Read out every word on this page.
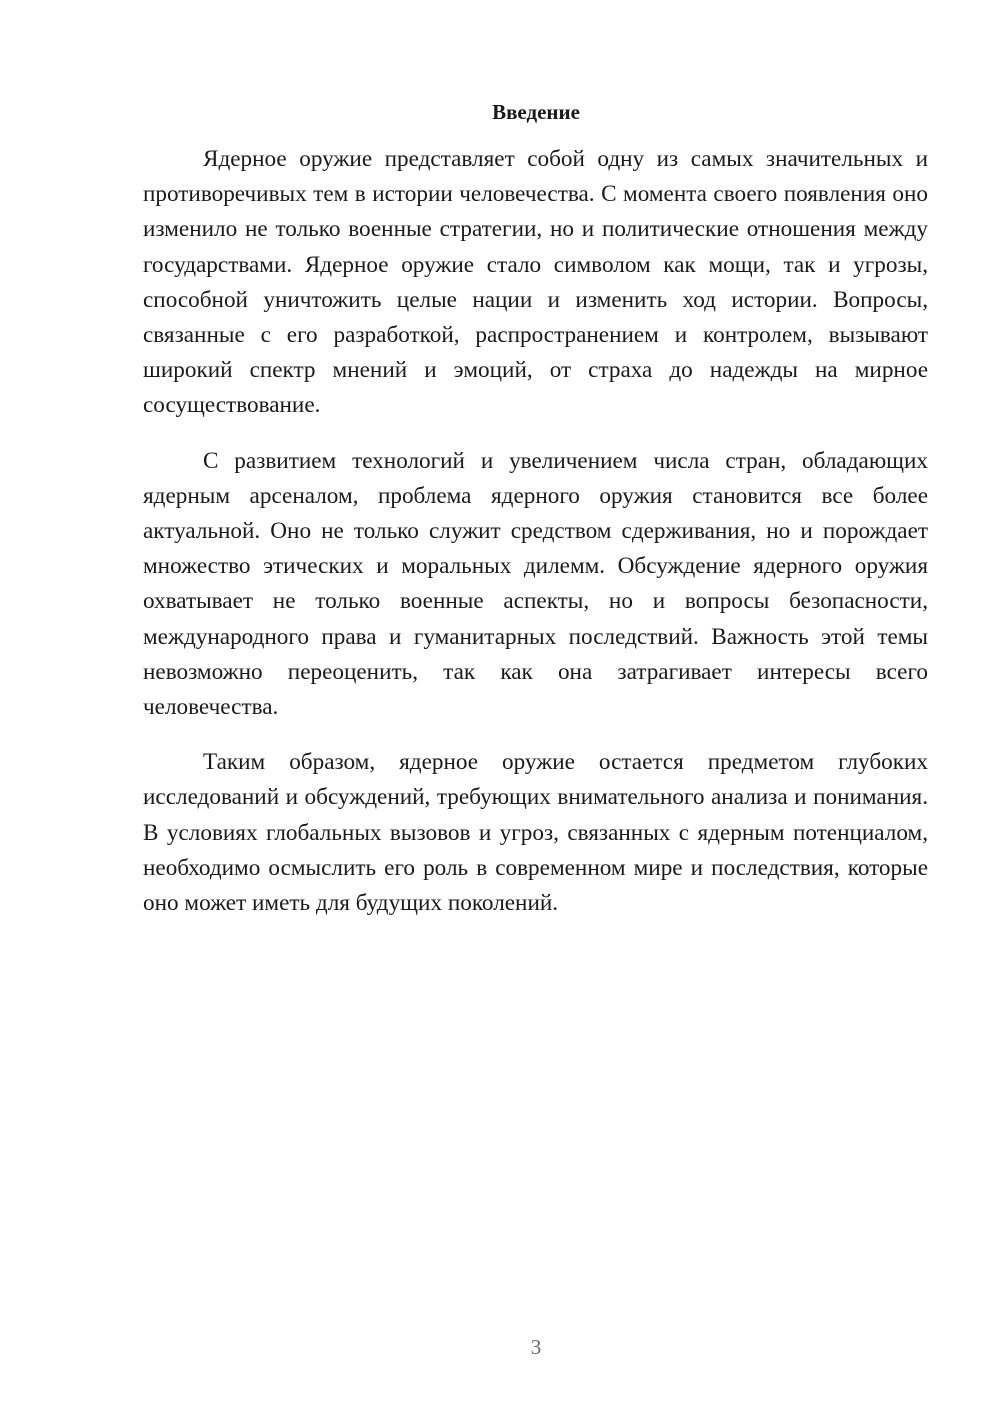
Введение

Ядерное оружие представляет собой одну из самых значительных и противоречивых тем в истории человечества. С момента своего появления оно изменило не только военные стратегии, но и политические отношения между государствами. Ядерное оружие стало символом как мощи, так и угрозы, способной уничтожить целые нации и изменить ход истории. Вопросы, связанные с его разработкой, распространением и контролем, вызывают широкий спектр мнений и эмоций, от страха до надежды на мирное сосуществование.

С развитием технологий и увеличением числа стран, обладающих ядерным арсеналом, проблема ядерного оружия становится все более актуальной. Оно не только служит средством сдерживания, но и порождает множество этических и моральных дилемм. Обсуждение ядерного оружия охватывает не только военные аспекты, но и вопросы безопасности, международного права и гуманитарных последствий. Важность этой темы невозможно переоценить, так как она затрагивает интересы всего человечества.

Таким образом, ядерное оружие остается предметом глубоких исследований и обсуждений, требующих внимательного анализа и понимания. В условиях глобальных вызовов и угроз, связанных с ядерным потенциалом, необходимо осмыслить его роль в современном мире и последствия, которые оно может иметь для будущих поколений.

3
